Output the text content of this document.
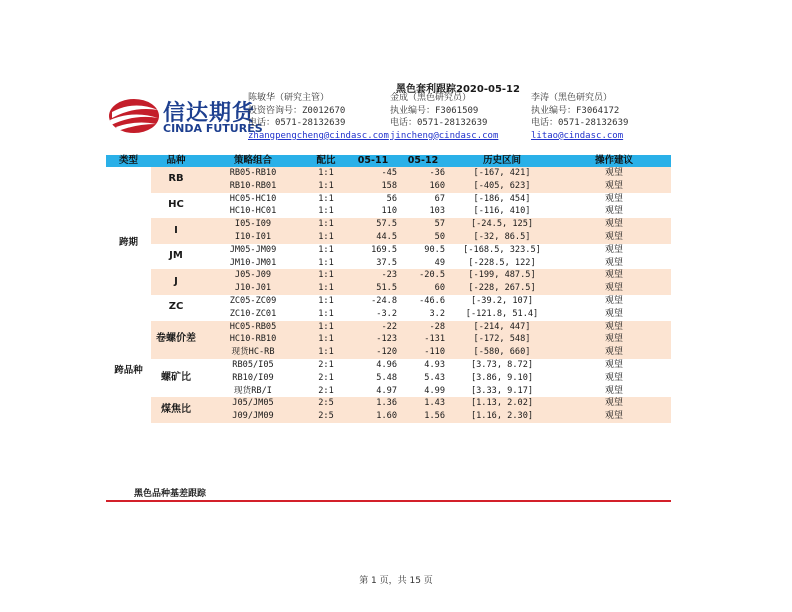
信达期货
CINDA FUTURES
黑色套利跟踪2020-05-12
陈敏华（研究主管）
投资咨询号：Z0012670
电话：0571-28132639
zhangpengcheng@cindasc.com
金成（黑色研究员）
执业编号：F3061509
电话：0571-28132639
jincheng@cindasc.com
李涛（黑色研究员）
执业编号：F3064172
电话：0571-28132639
litao@cindasc.com
类型	品种	策略组合	配比	05-11	05-12	历史区间	操作建议
跨期	RB	RB05-RB10	1:1	-45	-36	[-167, 421]	观望
		RB10-RB01	1:1	158	160	[-405, 623]	观望
	HC	HC05-HC10	1:1	56	67	[-186, 454]	观望
		HC10-HC01	1:1	110	103	[-116, 410]	观望
	I	I05-I09	1:1	57.5	57	[-24.5, 125]	观望
		I10-I01	1:1	44.5	50	[-32, 86.5]	观望
	JM	JM05-JM09	1:1	169.5	90.5	[-168.5, 323.5]	观望
		JM10-JM01	1:1	37.5	49	[-228.5, 122]	观望
	J	J05-J09	1:1	-23	-20.5	[-199, 487.5]	观望
		J10-J01	1:1	51.5	60	[-228, 267.5]	观望
	ZC	ZC05-ZC09	1:1	-24.8	-46.6	[-39.2, 107]	观望
		ZC10-ZC01	1:1	-3.2	3.2	[-121.8, 51.4]	观望
跨品种	卷螺价差	HC05-RB05	1:1	-22	-28	[-214, 447]	观望
		HC10-RB10	1:1	-123	-131	[-172, 548]	观望
		现货HC-RB	1:1	-120	-110	[-580, 660]	观望
	螺矿比	RB05/I05	2:1	4.96	4.93	[3.73, 8.72]	观望
		RB10/I09	2:1	5.48	5.43	[3.86, 9.10]	观望
		现货RB/I	2:1	4.97	4.99	[3.33, 9.17]	观望
	煤焦比	J05/JM05	2:5	1.36	1.43	[1.13, 2.02]	观望
		J09/JM09	2:5	1.60	1.56	[1.16, 2.30]	观望
黑色品种基差跟踪
第 1 页，共 15 页
